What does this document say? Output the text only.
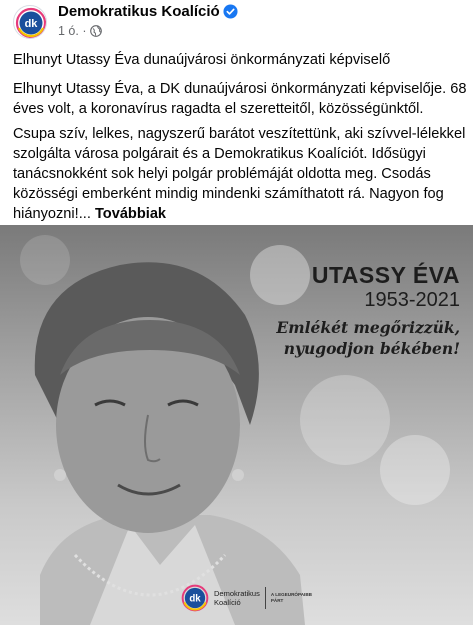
dk
Demokratikus Koalíció
1 ó. ·
Elhunyt Utassy Éva dunaújvárosi önkormányzati képviselő
Elhunyt Utassy Éva, a DK dunaújvárosi önkormányzati képviselője. 68 éves volt, a koronavírus ragadta el szeretteitől, közösségünktől.
Csupa szív, lelkes, nagyszerű barátot veszítettünk, aki szívvel-lélekkel szolgálta városa polgárait és a Demokratikus Koalíciót. Idősügyi tanácsnokként sok helyi polgár problémáját oldotta meg. Csodás közösségi emberként mindig mindenki számíthatott rá. Nagyon fog hiányozni!... Továbbiak
UTASSY ÉVA
1953-2021
Emlékét megőrizzük,
nyugodjon békében!
dk
Demokratikus
Koalíció
A LEGEURÓPAIBB
PÁRT
